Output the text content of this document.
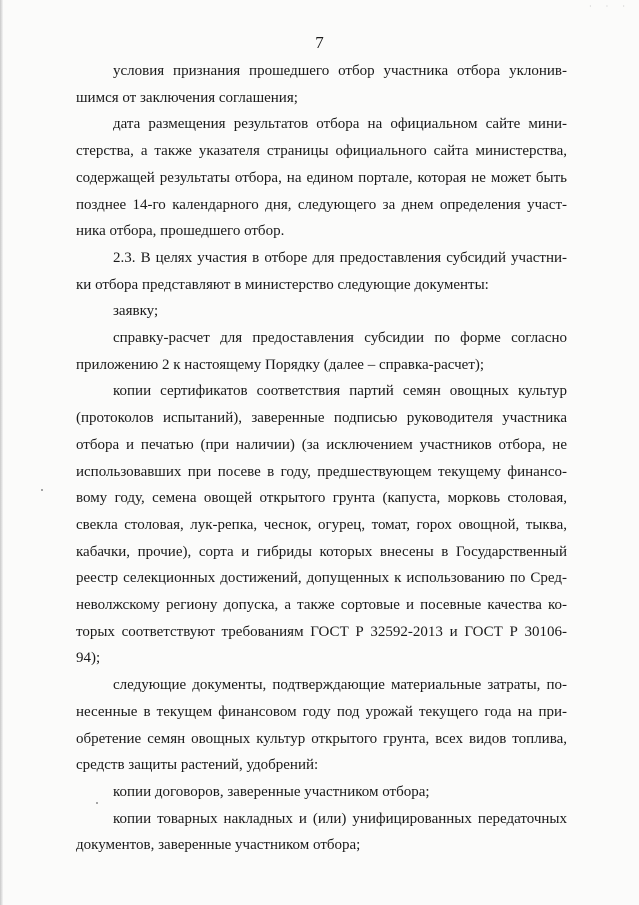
· · ·
7

условия признания прошедшего отбор участника отбора уклонив-
шимся от заключения соглашения;

дата размещения результатов отбора на официальном сайте мини-
стерства, а также указателя страницы официального сайта министерства,
содержащей результаты отбора, на едином портале, которая не может быть
позднее 14-го календарного дня, следующего за днем определения участ-
ника отбора, прошедшего отбор.

2.3. В целях участия в отборе для предоставления субсидий участни-
ки отбора представляют в министерство следующие документы:

заявку;

справку-расчет для предоставления субсидии по форме согласно
приложению 2 к настоящему Порядку (далее – справка-расчет);

копии сертификатов соответствия партий семян овощных культур
(протоколов испытаний), заверенные подписью руководителя участника
отбора и печатью (при наличии) (за исключением участников отбора, не
использовавших при посеве в году, предшествующем текущему финансо-
вому году, семена овощей открытого грунта (капуста, морковь столовая,
свекла столовая, лук-репка, чеснок, огурец, томат, горох овощной, тыква,
кабачки, прочие), сорта и гибриды которых внесены в Государственный
реестр селекционных достижений, допущенных к использованию по Сред-
неволжскому региону допуска, а также сортовые и посевные качества ко-
торых соответствуют требованиям ГОСТ Р 32592-2013 и ГОСТ Р 30106-
94);

следующие документы, подтверждающие материальные затраты, по-
несенные в текущем финансовом году под урожай текущего года на при-
обретение семян овощных культур открытого грунта, всех видов топлива,
средств защиты растений, удобрений:

копии договоров, заверенные участником отбора;

копии товарных накладных и (или) унифицированных передаточных
документов, заверенные участником отбора;
